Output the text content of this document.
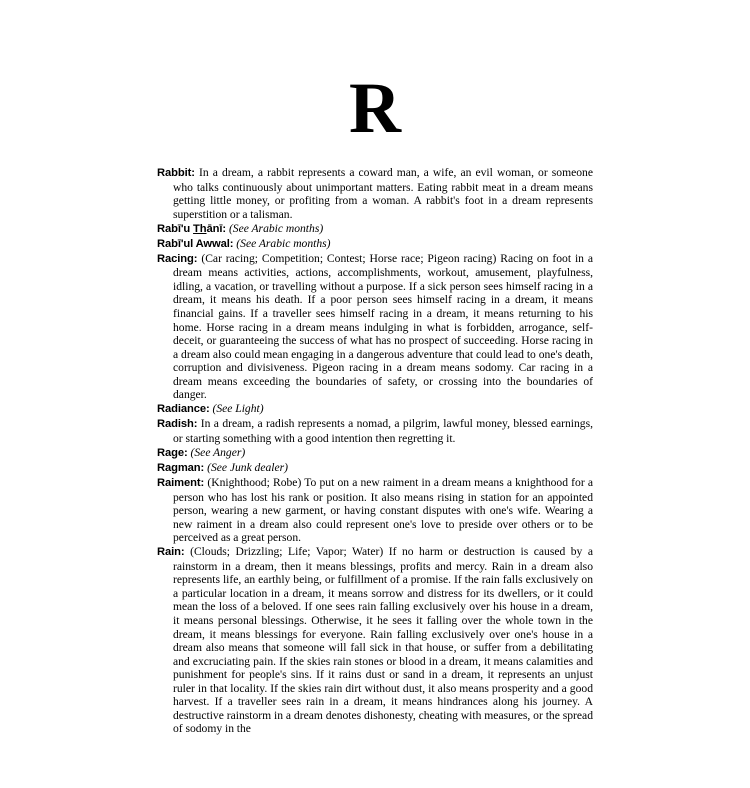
R

Rabbit: In a dream, a rabbit represents a coward man, a wife, an evil woman, or someone who talks continuously about unimportant matters. Eating rabbit meat in a dream means getting little money, or profiting from a woman. A rabbit's foot in a dream represents superstition or a talisman.

Rabī'u Thānī: (See Arabic months)

Rabī'ul Awwal: (See Arabic months)

Racing: (Car racing; Competition; Contest; Horse race; Pigeon racing) Racing on foot in a dream means activities, actions, accomplishments, workout, amusement, playfulness, idling, a vacation, or travelling without a purpose. If a sick person sees himself racing in a dream, it means his death. If a poor person sees himself racing in a dream, it means financial gains. If a traveller sees himself racing in a dream, it means returning to his home. Horse racing in a dream means indulging in what is forbidden, arrogance, self-deceit, or guaranteeing the success of what has no prospect of succeeding. Horse racing in a dream also could mean engaging in a dangerous adventure that could lead to one's death, corruption and divisiveness. Pigeon racing in a dream means sodomy. Car racing in a dream means exceeding the boundaries of safety, or crossing into the boundaries of danger.

Radiance: (See Light)

Radish: In a dream, a radish represents a nomad, a pilgrim, lawful money, blessed earnings, or starting something with a good intention then regretting it.

Rage: (See Anger)

Ragman: (See Junk dealer)

Raiment: (Knighthood; Robe) To put on a new raiment in a dream means a knighthood for a person who has lost his rank or position. It also means rising in station for an appointed person, wearing a new garment, or having constant disputes with one's wife. Wearing a new raiment in a dream also could represent one's love to preside over others or to be perceived as a great person.

Rain: (Clouds; Drizzling; Life; Vapor; Water) If no harm or destruction is caused by a rainstorm in a dream, then it means blessings, profits and mercy. Rain in a dream also represents life, an earthly being, or fulfillment of a promise. If the rain falls exclusively on a particular location in a dream, it means sorrow and distress for its dwellers, or it could mean the loss of a beloved. If one sees rain falling exclusively over his house in a dream, it means personal blessings. Otherwise, it he sees it falling over the whole town in the dream, it means blessings for everyone. Rain falling exclusively over one's house in a dream also means that someone will fall sick in that house, or suffer from a debilitating and excruciating pain. If the skies rain stones or blood in a dream, it means calamities and punishment for people's sins. If it rains dust or sand in a dream, it represents an unjust ruler in that locality. If the skies rain dirt without dust, it also means prosperity and a good harvest. If a traveller sees rain in a dream, it means hindrances along his journey. A destructive rainstorm in a dream denotes dishonesty, cheating with measures, or the spread of sodomy in the
